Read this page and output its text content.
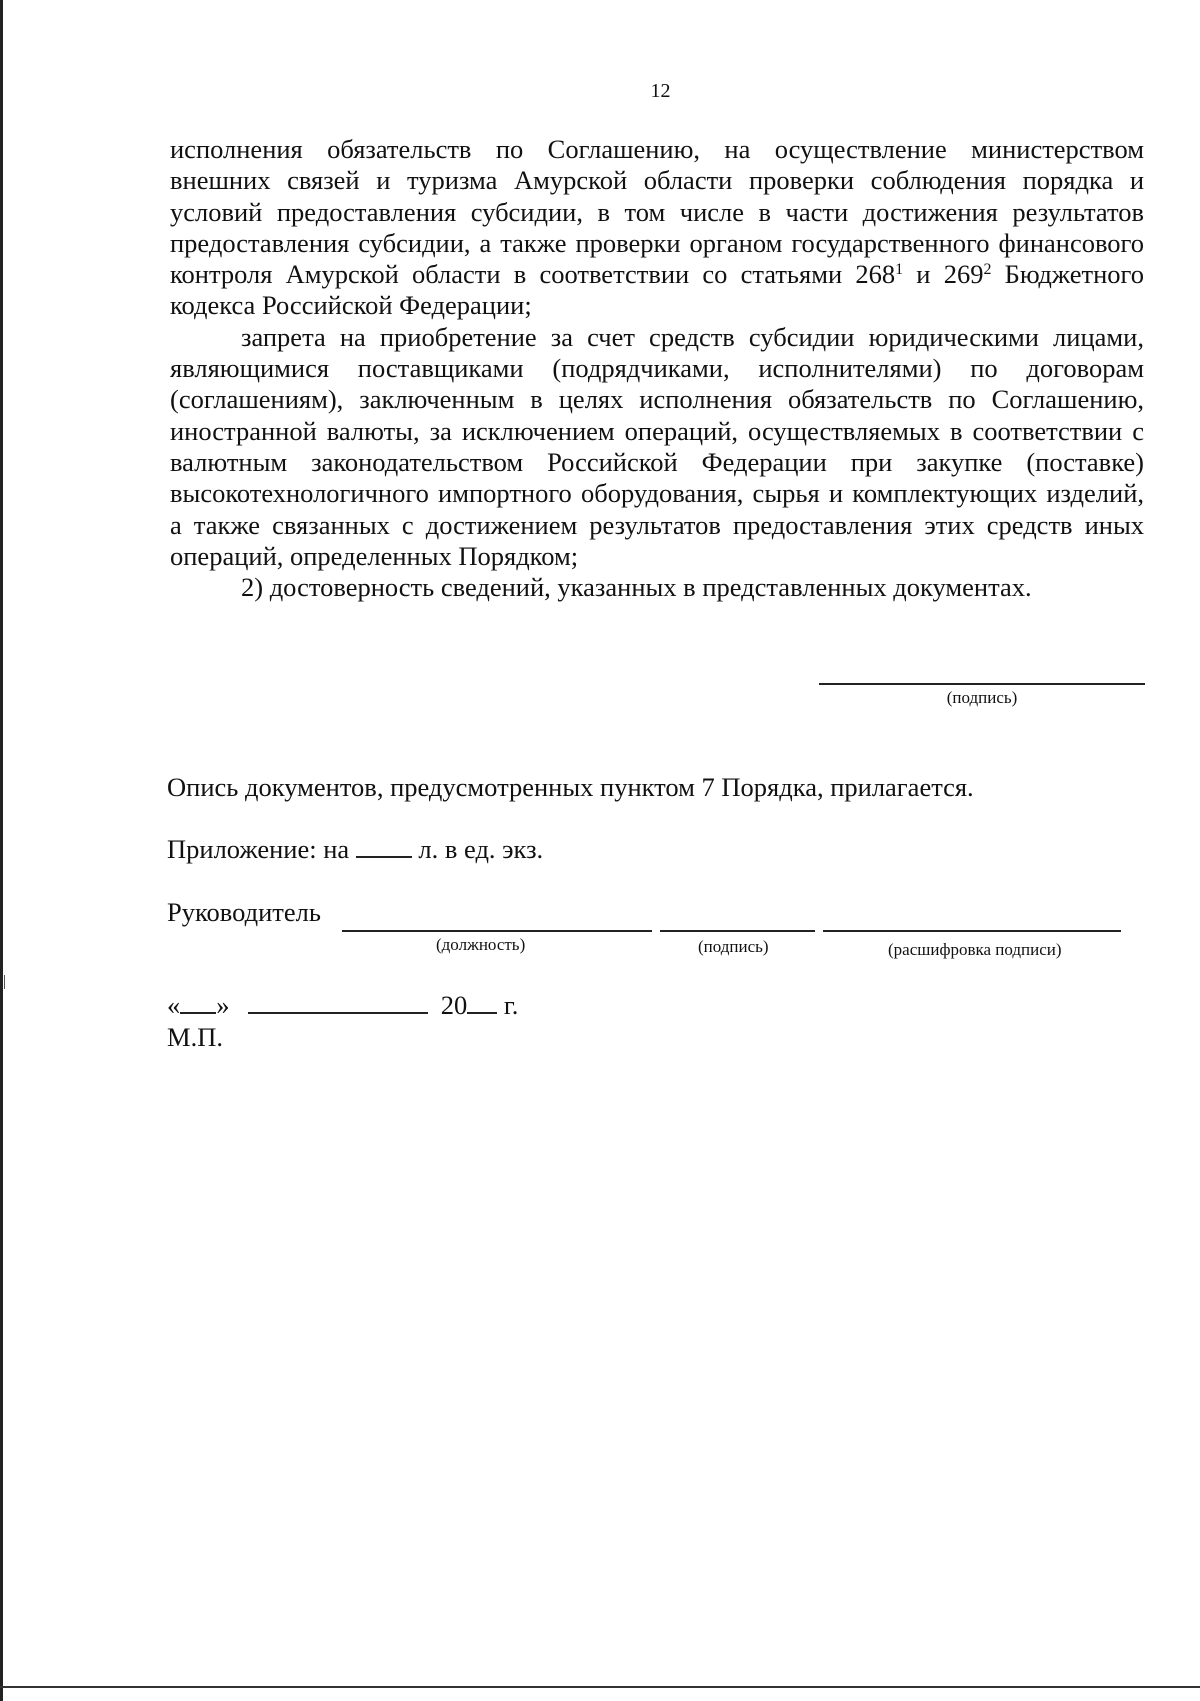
12

исполнения обязательств по Соглашению, на осуществление министерством внешних связей и туризма Амурской области проверки соблюдения порядка и условий предоставления субсидии, в том числе в части достижения результатов предоставления субсидии, а также проверки органом государственного финансового контроля Амурской области в соответствии со статьями $268^1$ и $269^2$ Бюджетного кодекса Российской Федерации;

запрета на приобретение за счет средств субсидии юридическими лицами, являющимися поставщиками (подрядчиками, исполнителями) по договорам (соглашениям), заключенным в целях исполнения обязательств по Соглашению, иностранной валюты, за исключением операций, осуществляемых в соответствии с валютным законодательством Российской Федерации при закупке (поставке) высокотехнологичного импортного оборудования, сырья и комплектующих изделий, а также связанных с достижением результатов предоставления этих средств иных операций, определенных Порядком;

2) достоверность сведений, указанных в представленных документах.

(подпись)
Опись документов, предусмотренных пунктом 7 Порядка, прилагается.
Приложение: на	л. в ед. экз.
Руководитель
(должность)	(подпись)	(расшифровка подписи)
« »	20 г.
М.П.
